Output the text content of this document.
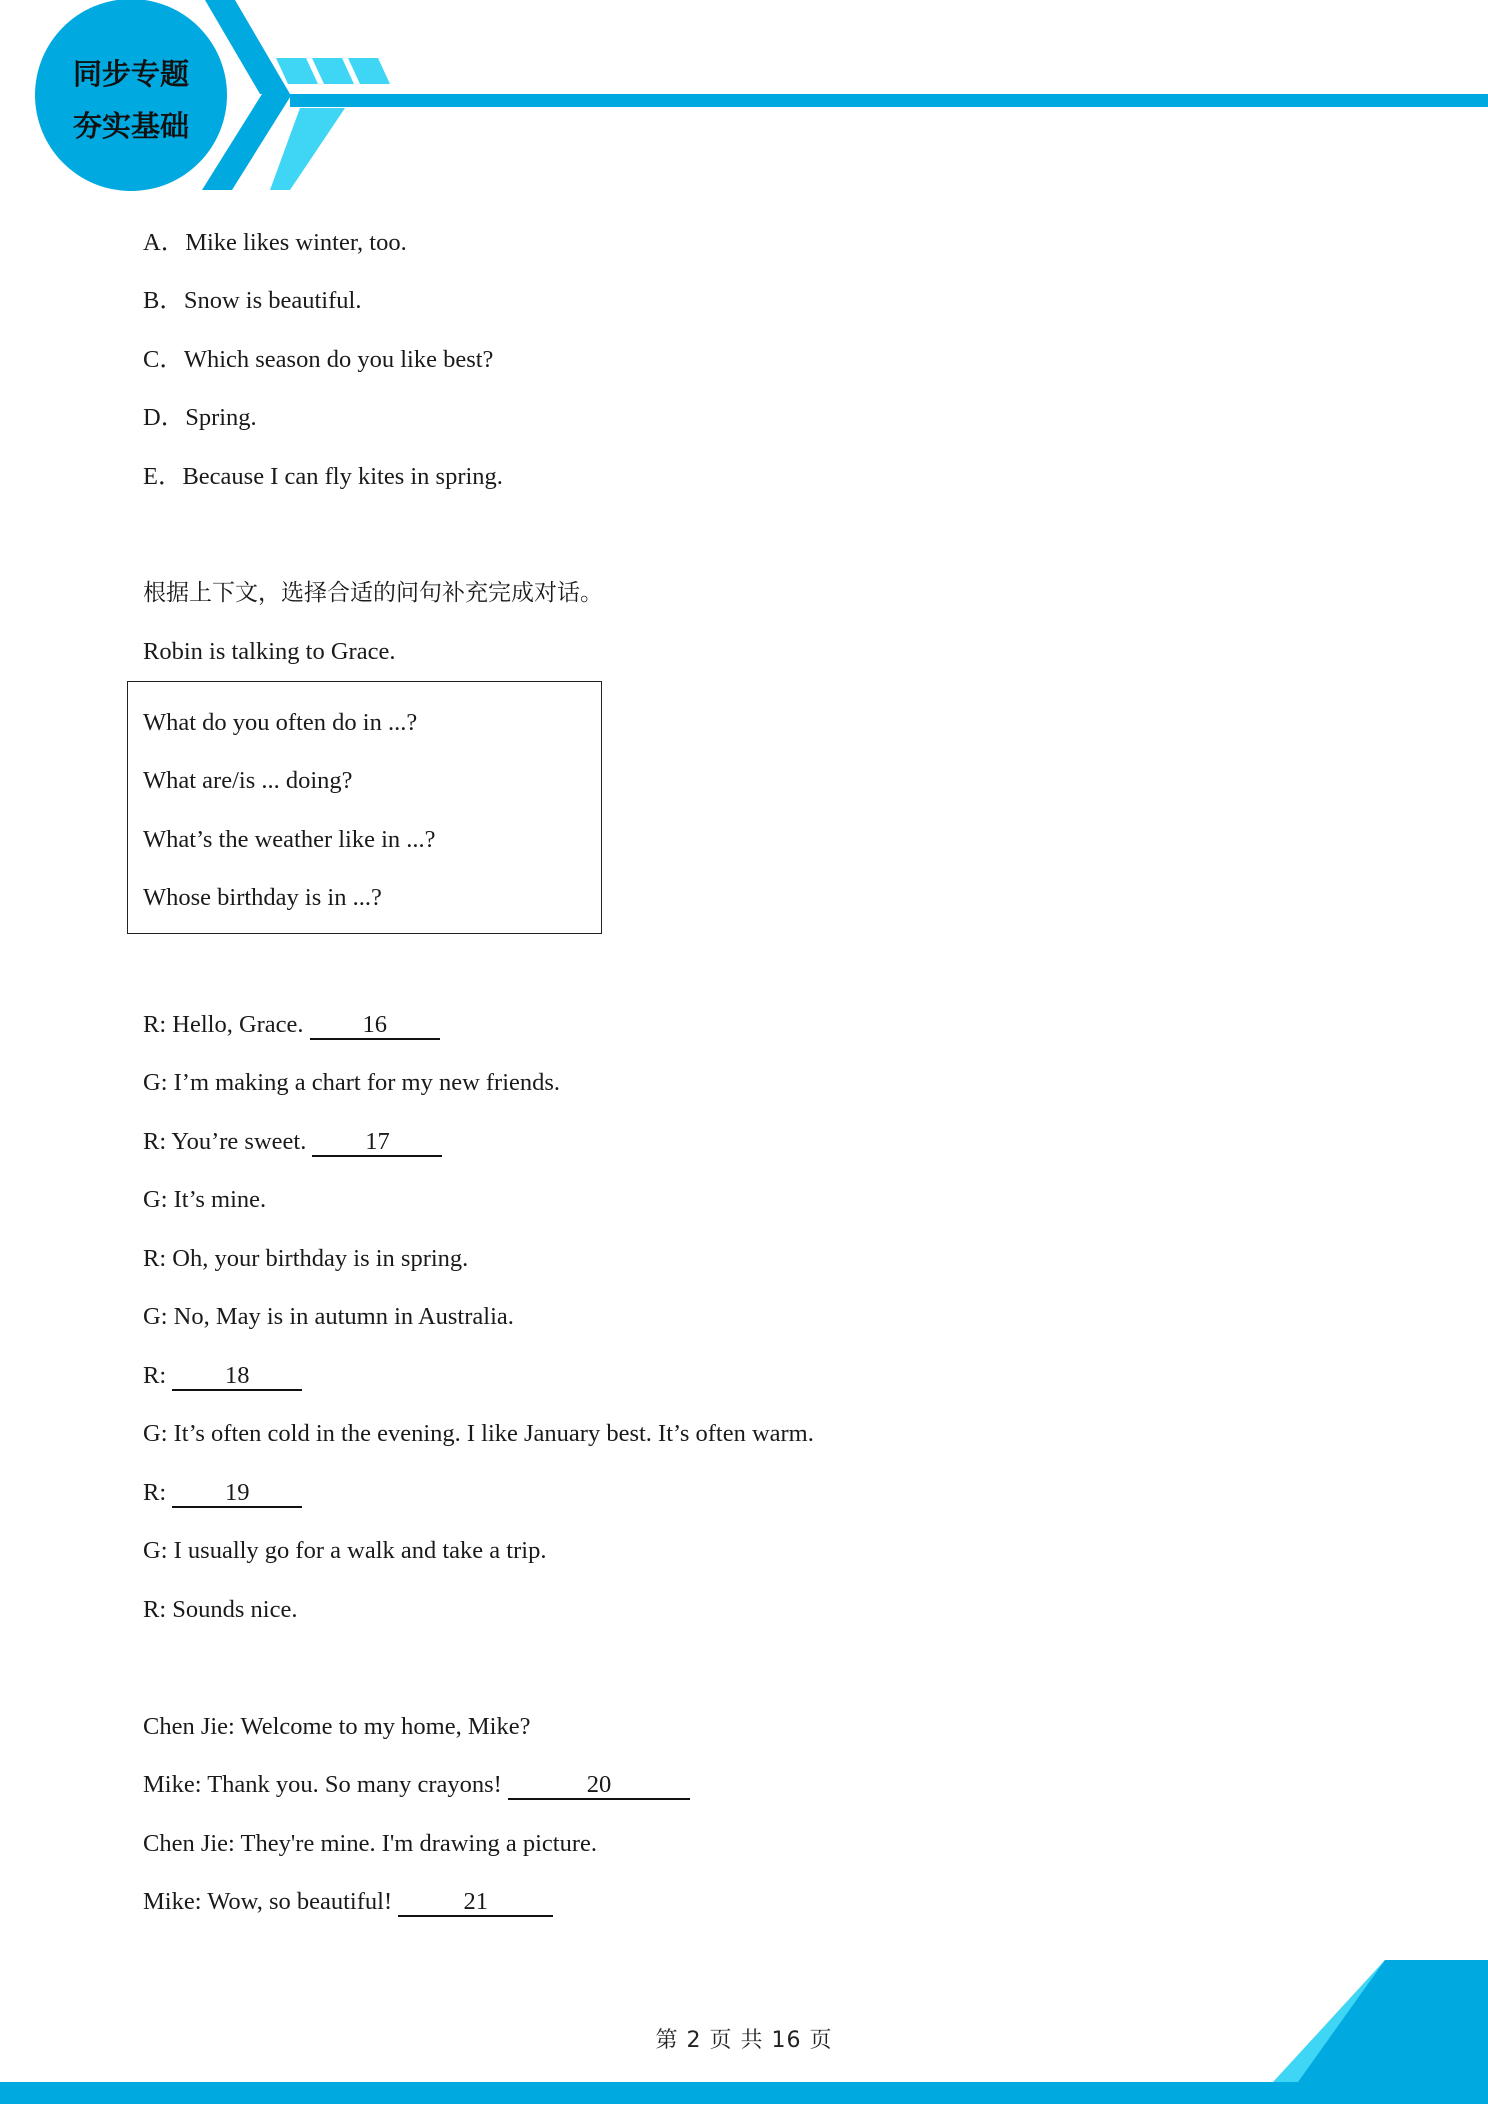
同步专题
夯实基础

A．Mike likes winter, too.

B．Snow is beautiful.

C．Which season do you like best?

D．Spring.

E．Because I can fly kites in spring.

根据上下文，选择合适的问句补充完成对话。

Robin is talking to Grace.

What do you often do in ...?

What are/is ... doing?

What’s the weather like in ...?

Whose birthday is in ...?

R: Hello, Grace. 16

G: I’m making a chart for my new friends.

R: You’re sweet. 17

G: It’s mine.

R: Oh, your birthday is in spring.

G: No, May is in autumn in Australia.

R: 18

G: It’s often cold in the evening. I like January best. It’s often warm.

R: 19

G: I usually go for a walk and take a trip.

R: Sounds nice.

Chen Jie: Welcome to my home, Mike?

Mike: Thank you. So many crayons!	20

Chen Jie: They're mine. I'm drawing a picture.

Mike: Wow, so beautiful!	21

第 2 页 共 16 页
